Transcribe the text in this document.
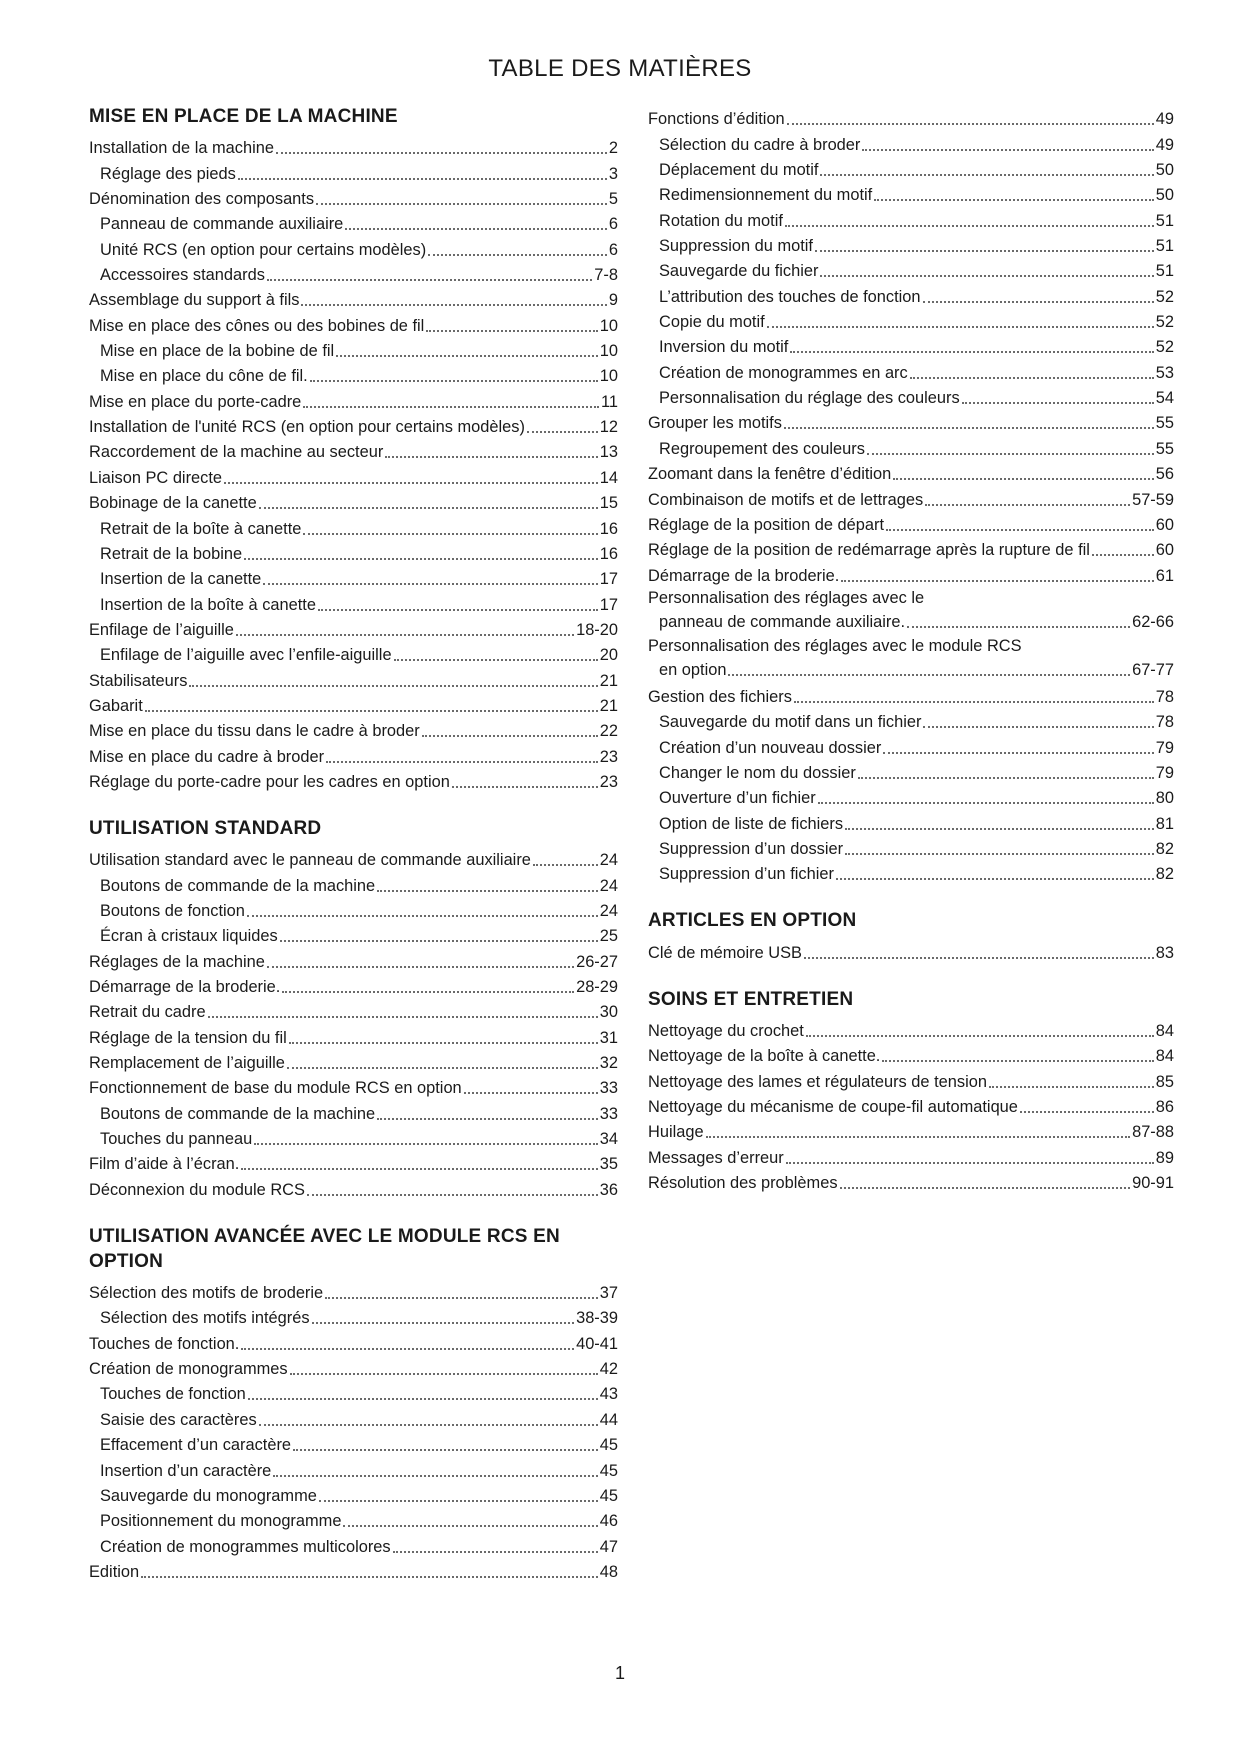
TABLE DES MATIÈRES
MISE EN PLACE DE LA MACHINE
Installation de la machine	2
Réglage des pieds	3
Dénomination des composants	5
Panneau de commande auxiliaire	6
Unité RCS (en option pour certains modèles)	6
Accessoires standards	7-8
Assemblage du support à fils	9
Mise en place des cônes ou des bobines de fil	10
Mise en place de la bobine de fil	10
Mise en place du cône de fil.	10
Mise en place du porte-cadre	11
Installation de l'unité RCS (en option pour certains modèles)	12
Raccordement de la machine au secteur	13
Liaison PC directe	14
Bobinage de la canette	15
Retrait de la boîte à canette	16
Retrait de la bobine	16
Insertion de la canette	17
Insertion de la boîte à canette	17
Enfilage de l’aiguille	18-20
Enfilage de l’aiguille avec l’enfile-aiguille	20
Stabilisateurs	21
Gabarit	21
Mise en place du tissu dans le cadre à broder	22
Mise en place du cadre à broder	23
Réglage du porte-cadre pour les cadres en option	23
UTILISATION STANDARD
Utilisation standard avec le panneau de commande auxiliaire	24
Boutons de commande de la machine	24
Boutons de fonction	24
Écran à cristaux liquides	25
Réglages de la machine	26-27
Démarrage de la broderie.	28-29
Retrait du cadre	30
Réglage de la tension du fil	31
Remplacement de l’aiguille	32
Fonctionnement de base du module RCS en option	33
Boutons de commande de la machine	33
Touches du panneau	34
Film d’aide à l’écran.	35
Déconnexion du module RCS	36
UTILISATION AVANCÉE AVEC LE MODULE RCS EN OPTION
Sélection des motifs de broderie	37
Sélection des motifs intégrés	38-39
Touches de fonction.	40-41
Création de monogrammes	42
Touches de fonction	43
Saisie des caractères	44
Effacement d’un caractère	45
Insertion d’un caractère	45
Sauvegarde du monogramme	45
Positionnement du monogramme	46
Création de monogrammes multicolores	47
Edition	48
Fonctions d’édition	49
Sélection du cadre à broder	49
Déplacement du motif	50
Redimensionnement du motif	50
Rotation du motif	51
Suppression du motif	51
Sauvegarde du fichier	51
L’attribution des touches de fonction	52
Copie du motif	52
Inversion du motif	52
Création de monogrammes en arc	53
Personnalisation du réglage des couleurs	54
Grouper les motifs	55
Regroupement des couleurs	55
Zoomant dans la fenêtre d’édition	56
Combinaison de motifs et de lettrages	57-59
Réglage de la position de départ	60
Réglage de la position de redémarrage après la rupture de fil	60
Démarrage de la broderie.	61
Personnalisation des réglages avec le
panneau de commande auxiliaire.	62-66
Personnalisation des réglages avec le module RCS
en option	67-77
Gestion des fichiers	78
Sauvegarde du motif dans un fichier	78
Création d’un nouveau dossier	79
Changer le nom du dossier	79
Ouverture d’un fichier	80
Option de liste de fichiers	81
Suppression d’un dossier	82
Suppression d’un fichier	82
ARTICLES EN OPTION
Clé de mémoire USB	83
SOINS ET ENTRETIEN
Nettoyage du crochet	84
Nettoyage de la boîte à canette.	84
Nettoyage des lames et régulateurs de tension	85
Nettoyage du mécanisme de coupe-fil automatique	86
Huilage	87-88
Messages d’erreur	89
Résolution des problèmes	90-91
1
